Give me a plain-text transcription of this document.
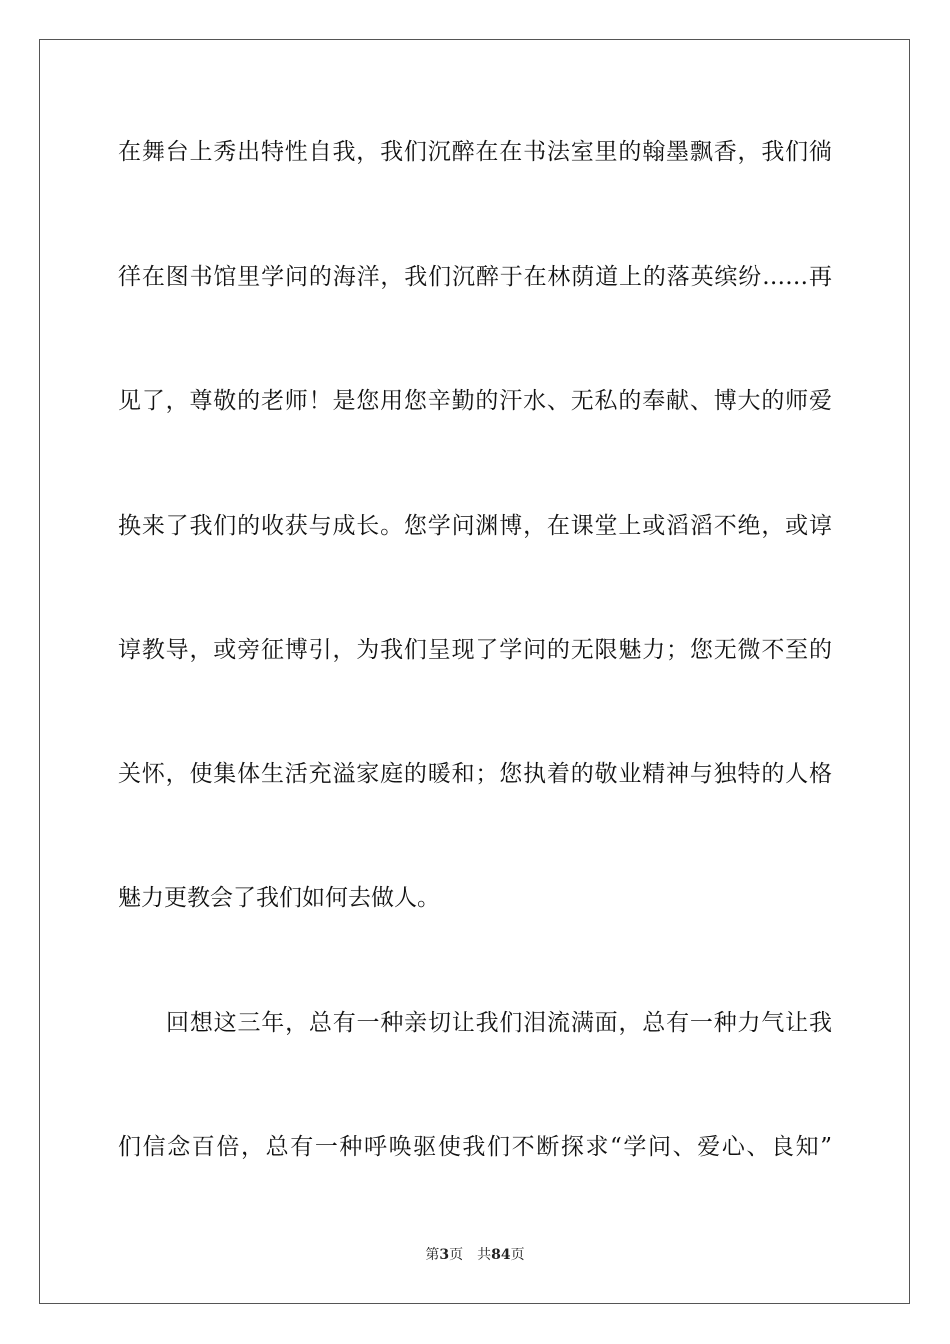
在舞台上秀出特性自我，我们沉醉在在书法室里的翰墨飘香，我们徜
徉在图书馆里学问的海洋，我们沉醉于在林荫道上的落英缤纷……再
见了，尊敬的老师！是您用您辛勤的汗水、无私的奉献、博大的师爱
换来了我们的收获与成长。您学问渊博，在课堂上或滔滔不绝，或谆
谆教导，或旁征博引，为我们呈现了学问的无限魅力；您无微不至的
关怀，使集体生活充溢家庭的暖和；您执着的敬业精神与独特的人格
魅力更教会了我们如何去做人。
回想这三年，总有一种亲切让我们泪流满面，总有一种力气让我
们信念百倍，总有一种呼唤驱使我们不断探求“学问、爱心、良知”
第3页 共84页
